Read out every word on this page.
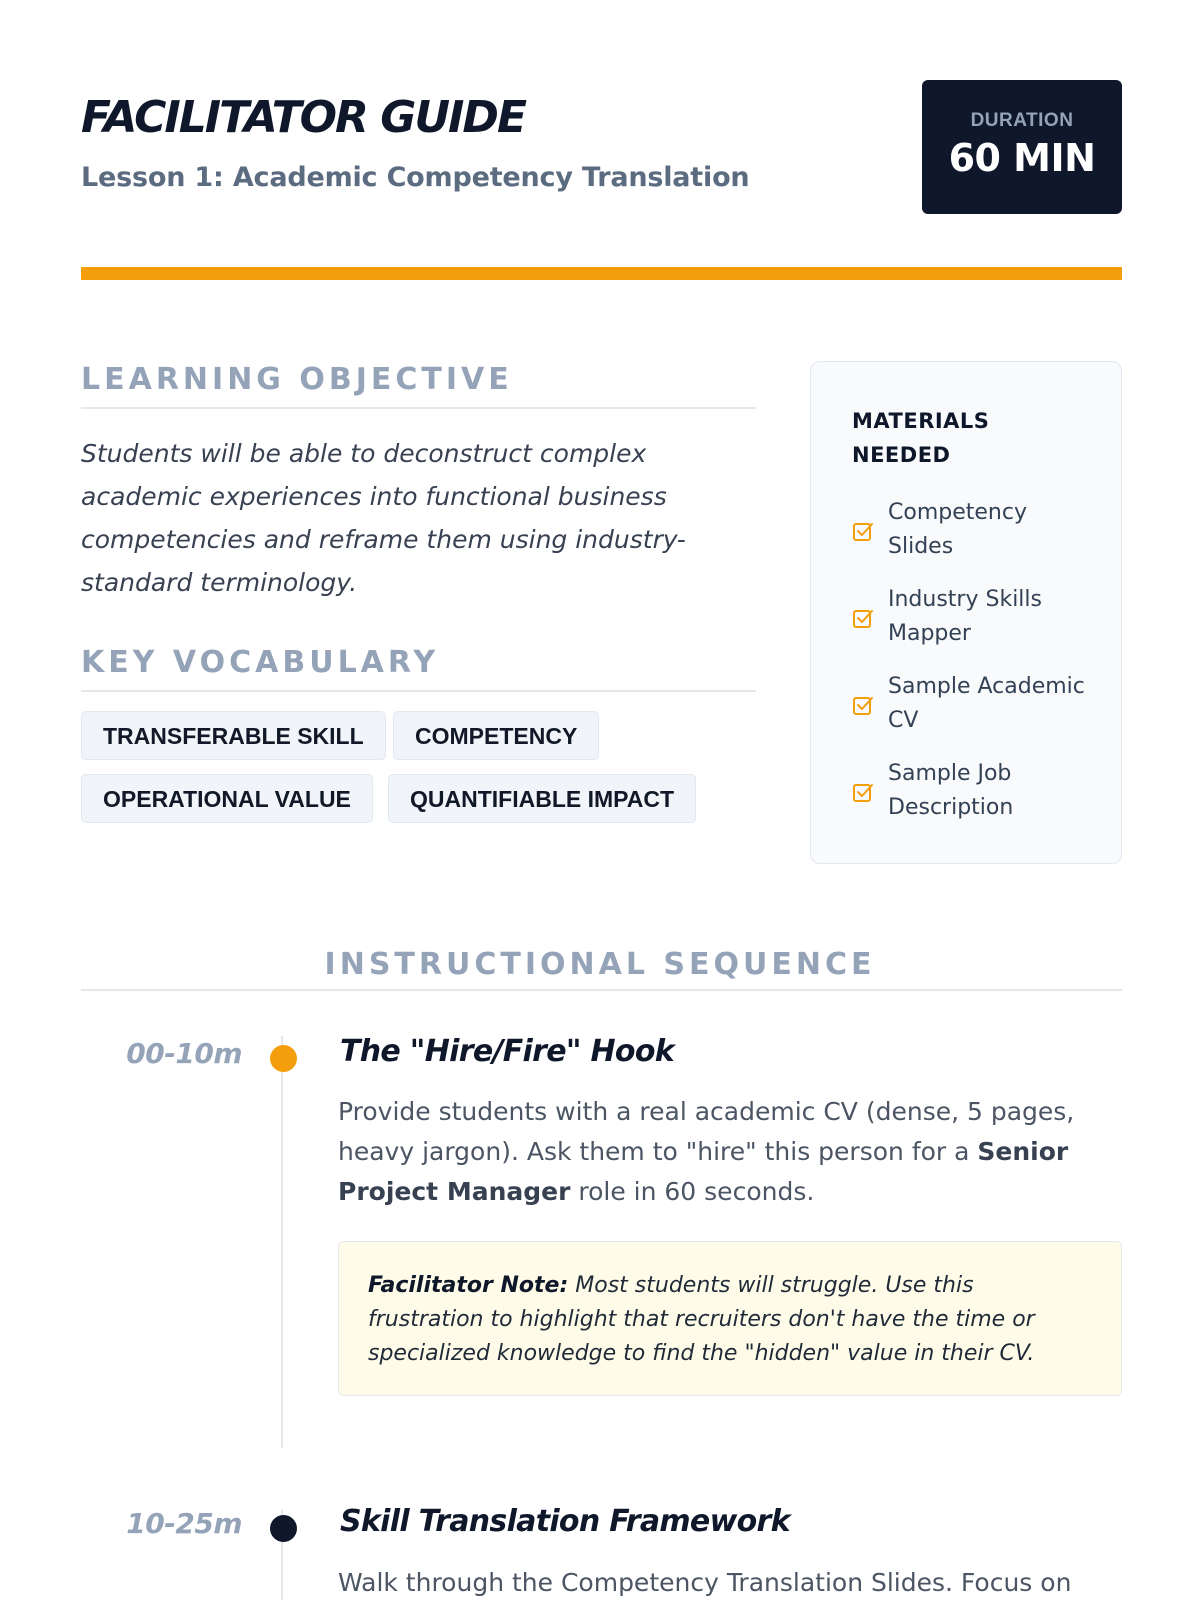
FACILITATOR GUIDE
Lesson 1: Academic Competency Translation
DURATION
60 MIN
LEARNING OBJECTIVE

Students will be able to deconstruct complex academic experiences into functional business competencies and reframe them using industry-standard terminology.

KEY VOCABULARY
TRANSFERABLE SKILL	COMPETENCY
OPERATIONAL VALUE	QUANTIFIABLE IMPACT
MATERIALS NEEDED
Competency Slides
Industry Skills Mapper
Sample Academic CV
Sample Job Description
INSTRUCTIONAL SEQUENCE
00-10m	The "Hire/Fire" Hook

Provide students with a real academic CV (dense, 5 pages, heavy jargon). Ask them to "hire" this person for a Senior Project Manager role in 60 seconds.

Facilitator Note: Most students will struggle. Use this frustration to highlight that recruiters don't have the time or specialized knowledge to find the "hidden" value in their CV.

10-25m	Skill Translation Framework

Walk through the Competency Translation Slides. Focus on
